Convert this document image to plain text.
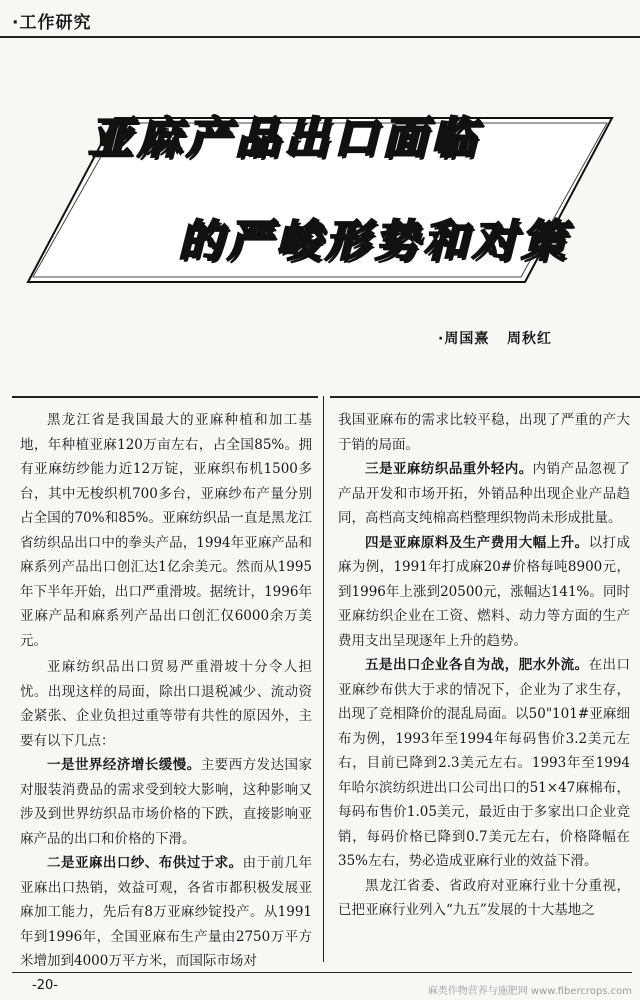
·工作研究
亚麻产品出口面临
的严峻形势和对策
·周国熹   周秋红

黑龙江省是我国最大的亚麻种植和加工基地，年种植亚麻120万亩左右，占全国85%。拥有亚麻纺纱能力近12万锭，亚麻织布机1500多台，其中无梭织机700多台，亚麻纱布产量分别占全国的70%和85%。亚麻纺织品一直是黑龙江省纺织品出口中的拳头产品，1994年亚麻产品和麻系列产品出口创汇达1亿余美元。然而从1995年下半年开始，出口严重滑坡。据统计，1996年亚麻产品和麻系列产品出口创汇仅6000余万美元。

亚麻纺织品出口贸易严重滑坡十分令人担忧。出现这样的局面，除出口退税减少、流动资金紧张、企业负担过重等带有共性的原因外，主要有以下几点：

一是世界经济增长缓慢。主要西方发达国家对服装消费品的需求受到较大影响，这种影响又涉及到世界纺织品市场价格的下跌，直接影响亚麻产品的出口和价格的下滑。

二是亚麻出口纱、布供过于求。由于前几年亚麻出口热销，效益可观，各省市都积极发展亚麻加工能力，先后有8万亚麻纱锭投产。从1991年到1996年，全国亚麻布生产量由2750万平方米增加到4000万平方米，而国际市场对

我国亚麻布的需求比较平稳，出现了严重的产大于销的局面。

三是亚麻纺织品重外轻内。内销产品忽视了产品开发和市场开拓，外销品种出现企业产品趋同，高档高支纯棉高档整理织物尚未形成批量。

四是亚麻原料及生产费用大幅上升。以打成麻为例，1991年打成麻20#价格每吨8900元，到1996年上涨到20500元，涨幅达141%。同时亚麻纺织企业在工资、燃料、动力等方面的生产费用支出呈现逐年上升的趋势。

五是出口企业各自为战，肥水外流。在出口亚麻纱布供大于求的情况下，企业为了求生存，出现了竞相降价的混乱局面。以50"101#亚麻细布为例，1993年至1994年每码售价3.2美元左右，目前已降到2.3美元左右。1993年至1994年哈尔滨纺织进出口公司出口的51×47麻棉布，每码布售价1.05美元，最近由于多家出口企业竞销，每码价格已降到0.7美元左右，价格降幅在35%左右，势必造成亚麻行业的效益下滑。

黑龙江省委、省政府对亚麻行业十分重视，已把亚麻行业列入“九五”发展的十大基地之

-20-	麻类作物营养与施肥网 www.fibercrops.com
